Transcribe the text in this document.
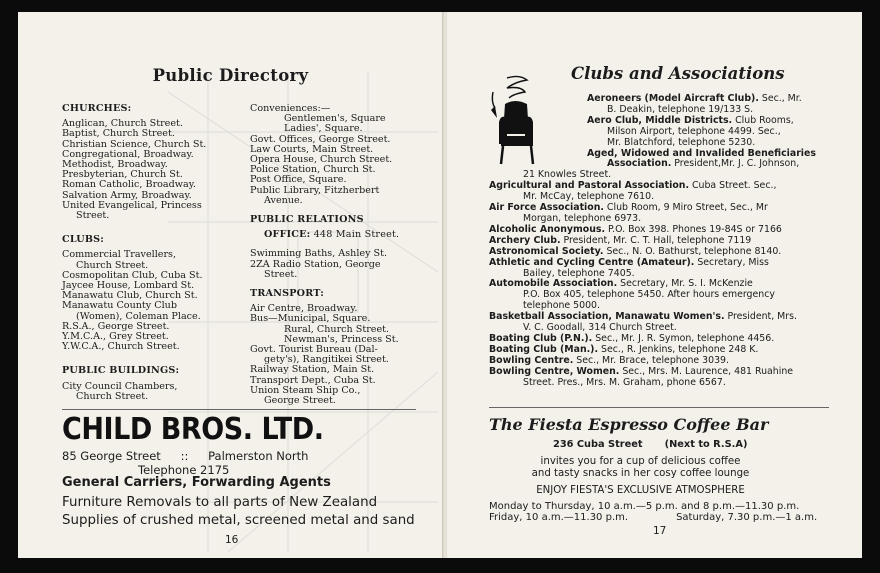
Public Directory
CHURCHES:
Anglican, Church Street.
Baptist, Church Street.
Christian Science, Church St.
Congregational, Broadway.
Methodist, Broadway.
Presbyterian, Church St.
Roman Catholic, Broadway.
Salvation Army, Broadway.
United Evangelical, Princess
Street.
CLUBS:
Commercial Travellers,
Church Street.
Cosmopolitan Club, Cuba St.
Jaycee House, Lombard St.
Manawatu Club, Church St.
Manawatu County Club
(Women), Coleman Place.
R.S.A., George Street.
Y.M.C.A., Grey Street.
Y.W.C.A., Church Street.
PUBLIC BUILDINGS:
City Council Chambers,
Church Street.
Conveniences:—
Gentlemen's, Square
Ladies', Square.
Govt. Offices, George Street.
Law Courts, Main Street.
Opera House, Church Street.
Police Station, Church St.
Post Office, Square.
Public Library, Fitzherbert
Avenue.
PUBLIC RELATIONS
OFFICE: 448 Main Street.
Swimming Baths, Ashley St.
2ZA Radio Station, George
Street.
TRANSPORT:
Air Centre, Broadway.
Bus—Municipal, Square.
Rural, Church Street.
Newman's, Princess St.
Govt. Tourist Bureau (Dal-
gety's), Rangitikei Street.
Railway Station, Main St.
Transport Dept., Cuba St.
Union Steam Ship Co.,
George Street.
CHILD BROS. LTD.
85 George Street :: Palmerston North
Telephone 2175
General Carriers, Forwarding Agents
Furniture Removals to all parts of New Zealand
Supplies of crushed metal, screened metal and sand
16
Clubs and Associations
Aeroneers (Model Aircraft Club). Sec., Mr.
B. Deakin, telephone 19/133 S.
Aero Club, Middle Districts. Club Rooms,
Milson Airport, telephone 4499. Sec.,
Mr. Blatchford, telephone 5230.
Aged, Widowed and Invalided Beneficiaries
Association. President,Mr. J. C. Johnson,
21 Knowles Street.
Agricultural and Pastoral Association. Cuba Street. Sec.,
Mr. McCay, telephone 7610.
Air Force Association. Club Room, 9 Miro Street, Sec., Mr
Morgan, telephone 6973.
Alcoholic Anonymous. P.O. Box 398. Phones 19-84S or 7166
Archery Club. President, Mr. C. T. Hall, telephone 7119
Astronomical Society. Sec., N. O. Bathurst, telephone 8140.
Athletic and Cycling Centre (Amateur). Secretary, Miss
Bailey, telephone 7405.
Automobile Association. Secretary, Mr. S. I. McKenzie
P.O. Box 405, telephone 5450. After hours emergency
telephone 5000.
Basketball Association, Manawatu Women's. President, Mrs.
V. C. Goodall, 314 Church Street.
Boating Club (P.N.). Sec., Mr. J. R. Symon, telephone 4456.
Boating Club (Man.). Sec., R. Jenkins, telephone 248 K.
Bowling Centre. Sec., Mr. Brace, telephone 3039.
Bowling Centre, Women. Sec., Mrs. M. Laurence, 481 Ruahine
Street. Pres., Mrs. M. Graham, phone 6567.
The Fiesta Espresso Coffee Bar
236 Cuba Street (Next to R.S.A)
invites you for a cup of delicious coffee
and tasty snacks in her cosy coffee lounge
ENJOY FIESTA'S EXCLUSIVE ATMOSPHERE
Monday to Thursday, 10 a.m.—5 p.m. and 8 p.m.—11.30 p.m.
Friday, 10 a.m.—11.30 p.m.	Saturday, 7.30 p.m.—1 a.m.
17
